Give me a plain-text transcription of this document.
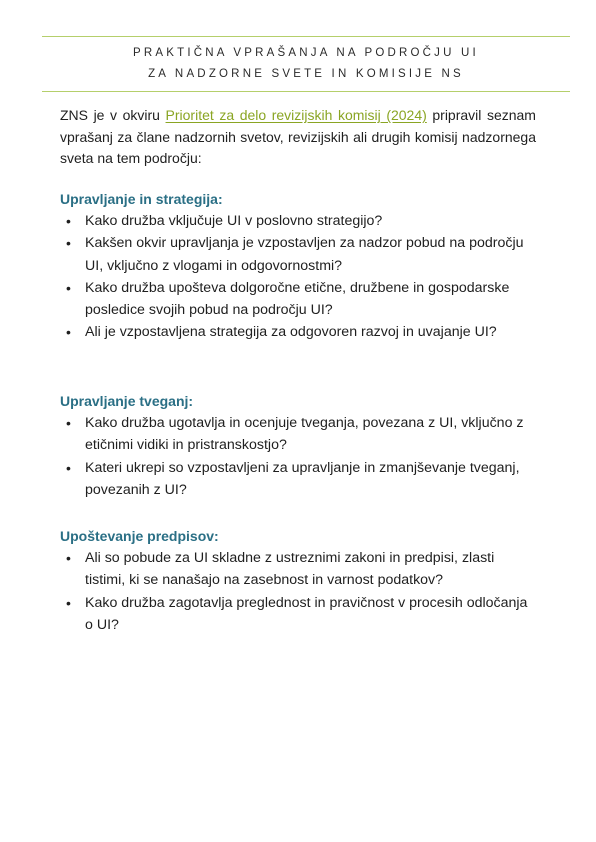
PRAKTIČNA VPRAŠANJA NA PODROČJU UI
ZA NADZORNE SVETE IN KOMISIJE NS

ZNS je v okviru Prioritet za delo revizijskih komisij (2024) pripravil seznam vprašanj za člane nadzornih svetov, revizijskih ali drugih komisij nadzornega sveta na tem področju:

Upravljanje in strategija:
• Kako družba vključuje UI v poslovno strategijo?
• Kakšen okvir upravljanja je vzpostavljen za nadzor pobud na področju UI, vključno z vlogami in odgovornostmi?
• Kako družba upošteva dolgoročne etične, družbene in gospodarske posledice svojih pobud na področju UI?
• Ali je vzpostavljena strategija za odgovoren razvoj in uvajanje UI?
Upravljanje tveganj:
• Kako družba ugotavlja in ocenjuje tveganja, povezana z UI, vključno z etičnimi vidiki in pristranskostjo?
• Kateri ukrepi so vzpostavljeni za upravljanje in zmanjševanje tveganj, povezanih z UI?
Upoštevanje predpisov:
• Ali so pobude za UI skladne z ustreznimi zakoni in predpisi, zlasti tistimi, ki se nanašajo na zasebnost in varnost podatkov?
• Kako družba zagotavlja preglednost in pravičnost v procesih odločanja o UI?
